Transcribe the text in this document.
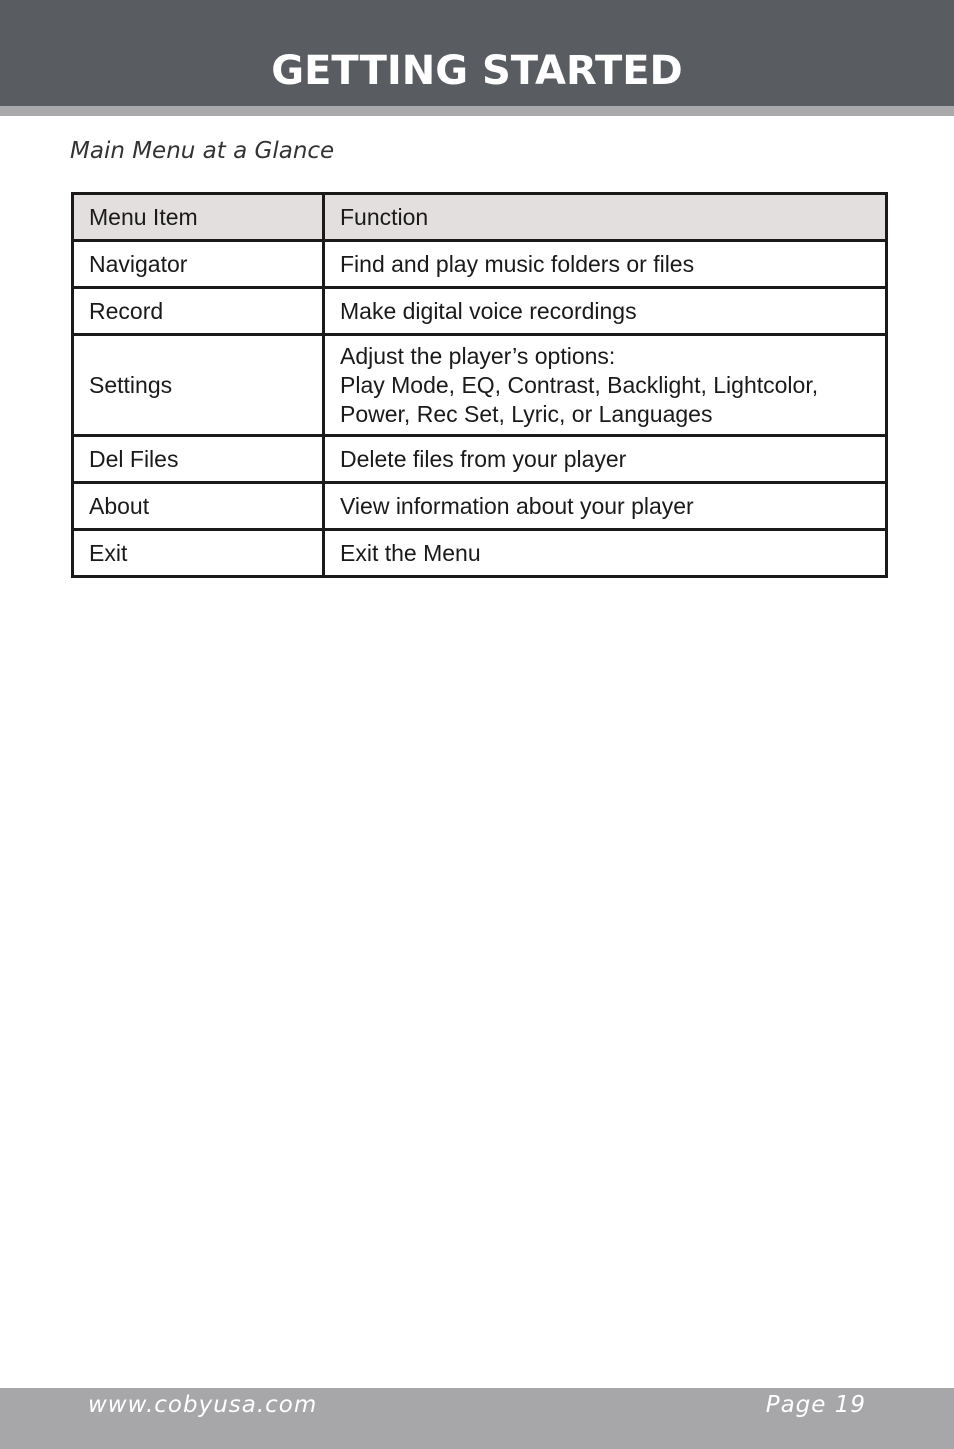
GETTING STARTED
Main Menu at a Glance
Menu Item	Function
Navigator	Find and play music folders or files

Record	Make digital voice recordings

Settings	Adjust the player’s options:
Play Mode, EQ, Contrast, Backlight, Lightcolor,
Power, Rec Set, Lyric, or Languages

Del Files	Delete files from your player

About	View information about your player

Exit	Exit the Menu
www.cobyusa.com	Page 19
